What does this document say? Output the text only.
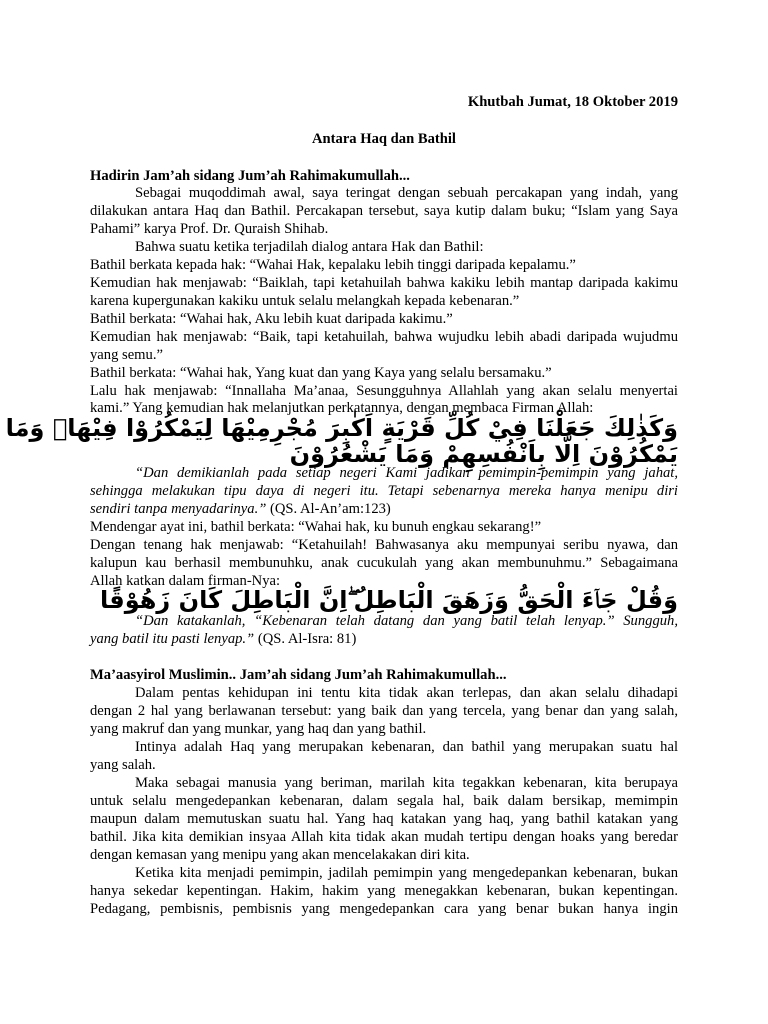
Khutbah Jumat, 18 Oktober 2019
Antara Haq dan Bathil
Hadirin Jam’ah sidang Jum’ah Rahimakumullah...
Sebagai muqoddimah awal, saya teringat dengan sebuah percakapan yang indah, yang
dilakukan antara Haq dan Bathil. Percakapan tersebut, saya kutip dalam buku; “Islam yang Saya
Pahami” karya Prof. Dr. Quraish Shihab.
Bahwa suatu ketika terjadilah dialog antara Hak dan Bathil:
Bathil berkata kepada hak: “Wahai Hak, kepalaku lebih tinggi daripada kepalamu.”
Kemudian hak menjawab: “Baiklah, tapi ketahuilah bahwa kakiku lebih mantap daripada kakimu
karena kupergunakan kakiku untuk selalu melangkah kepada kebenaran.”
Bathil berkata: “Wahai hak, Aku lebih kuat daripada kakimu.”
Kemudian hak menjawab: “Baik, tapi ketahuilah, bahwa wujudku lebih abadi daripada wujudmu
yang semu.”
Bathil berkata: “Wahai hak, Yang kuat dan yang Kaya yang selalu bersamaku.”
Lalu hak menjawab: “Innallaha Ma’anaa, Sesungguhnya Allahlah yang akan selalu menyertai
kami.” Yang kemudian hak melanjutkan perkatannya, dengan membaca Firman Allah:
وَكَذٰلِكَ جَعَلْنَا فِيْ كُلِّ قَرْيَةٍ اَكٰبِرَ مُجْرِمِيْهَا لِيَمْكُرُوْا فِيْهَاۗ وَمَا
يَمْكُرُوْنَ اِلَّا بِاَنْفُسِهِمْ وَمَا يَشْعُرُوْنَ
“Dan demikianlah pada setiap negeri Kami jadikan pemimpin-pemimpin yang jahat,
sehingga melakukan tipu daya di negeri itu. Tetapi sebenarnya mereka hanya menipu diri
sendiri tanpa menyadarinya.” (QS. Al-An’am:123)
Mendengar ayat ini, bathil berkata: “Wahai hak, ku bunuh engkau sekarang!”
Dengan tenang hak menjawab: “Ketahuilah! Bahwasanya aku mempunyai seribu nyawa, dan
kalupun kau berhasil membunuhku, anak cucukulah yang akan membunuhmu.” Sebagaimana
Allah katkan dalam firman-Nya:
وَقُلْ جَاۤءَ الْحَقُّ وَزَهَقَ الْبَاطِلُ ۖاِنَّ الْبَاطِلَ كَانَ زَهُوْقًا
“Dan katakanlah, “Kebenaran telah datang dan yang batil telah lenyap.” Sungguh,
yang batil itu pasti lenyap.” (QS. Al-Isra: 81)
Ma’aasyirol Muslimin.. Jam’ah sidang Jum’ah Rahimakumullah...
Dalam pentas kehidupan ini tentu kita tidak akan terlepas, dan akan selalu dihadapi
dengan 2 hal yang berlawanan tersebut: yang baik dan yang tercela, yang benar dan yang salah,
yang makruf dan yang munkar, yang haq dan yang bathil.
Intinya adalah Haq yang merupakan kebenaran, dan bathil yang merupakan suatu hal
yang salah.
Maka sebagai manusia yang beriman, marilah kita tegakkan kebenaran, kita berupaya
untuk selalu mengedepankan kebenaran, dalam segala hal, baik dalam bersikap, memimpin
maupun dalam memutuskan suatu hal. Yang haq katakan yang haq, yang bathil katakan yang
bathil. Jika kita demikian insyaa Allah kita tidak akan mudah tertipu dengan hoaks yang beredar
dengan kemasan yang menipu yang akan mencelakakan diri kita.
Ketika kita menjadi pemimpin, jadilah pemimpin yang mengedepankan kebenaran, bukan
hanya sekedar kepentingan. Hakim, hakim yang menegakkan kebenaran, bukan kepentingan.
Pedagang, pembisnis, pembisnis yang mengedepankan cara yang benar bukan hanya ingin
